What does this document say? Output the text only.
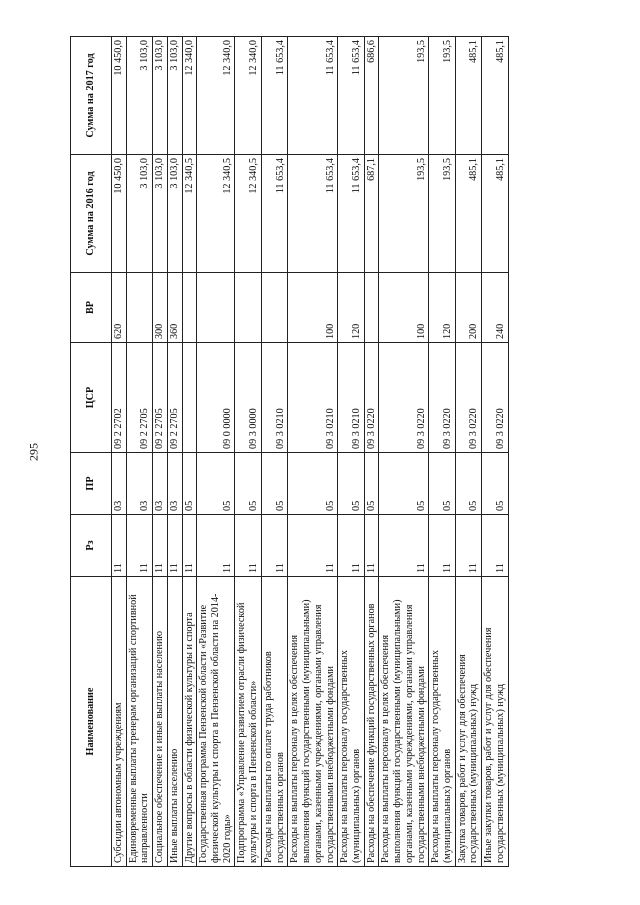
295
Наименование	Рз	ПР	ЦСР	ВР	Сумма на 2016 год	Сумма на 2017 год
Субсидии автономным учреждениям	11	03	09 2 2702	620	10 450,0	10 450,0
Единовременные выплаты тренерам организаций спортивной направленности	11	03	09 2 2705		3 103,0	3 103,0
Социальное обеспечение и иные выплаты населению	11	03	09 2 2705	300	3 103,0	3 103,0
Иные выплаты населению	11	03	09 2 2705	360	3 103,0	3 103,0
Другие вопросы в области физической культуры и спорта	11	05			12 340,5	12 340,0
Государственная программа Пензенской области «Развитие физической культуры и спорта в Пензенской области на 2014-2020 годы»	11	05	09 0 0000		12 340,5	12 340,0
Подпрограмма «Управление развитием отрасли физической культуры и спорта в Пензенской области»	11	05	09 3 0000		12 340,5	12 340,0
Расходы на выплаты по оплате труда работников государственных органов	11	05	09 3 0210		11 653,4	11 653,4
Расходы на выплаты персоналу в целях обеспечения выполнения функций государственными (муниципальными) органами, казенными учреждениями, органами управления государственными внебюджетными фондами	11	05	09 3 0210	100	11 653,4	11 653,4
Расходы на выплаты персоналу государственных (муниципальных) органов	11	05	09 3 0210	120	11 653,4	11 653,4
Расходы на обеспечение функций государственных органов	11	05	09 3 0220		687,1	686,6
Расходы на выплаты персоналу в целях обеспечения выполнения функций государственными (муниципальными) органами, казенными учреждениями, органами управления государственными внебюджетными фондами	11	05	09 3 0220	100	193,5	193,5
Расходы на выплаты персоналу государственных (муниципальных) органов	11	05	09 3 0220	120	193,5	193,5
Закупка товаров, работ и услуг для обеспечения государственных (муниципальных) нужд	11	05	09 3 0220	200	485,1	485,1
Иные закупки товаров, работ и услуг для обеспечения государственных (муниципальных) нужд	11	05	09 3 0220	240	485,1	485,1
